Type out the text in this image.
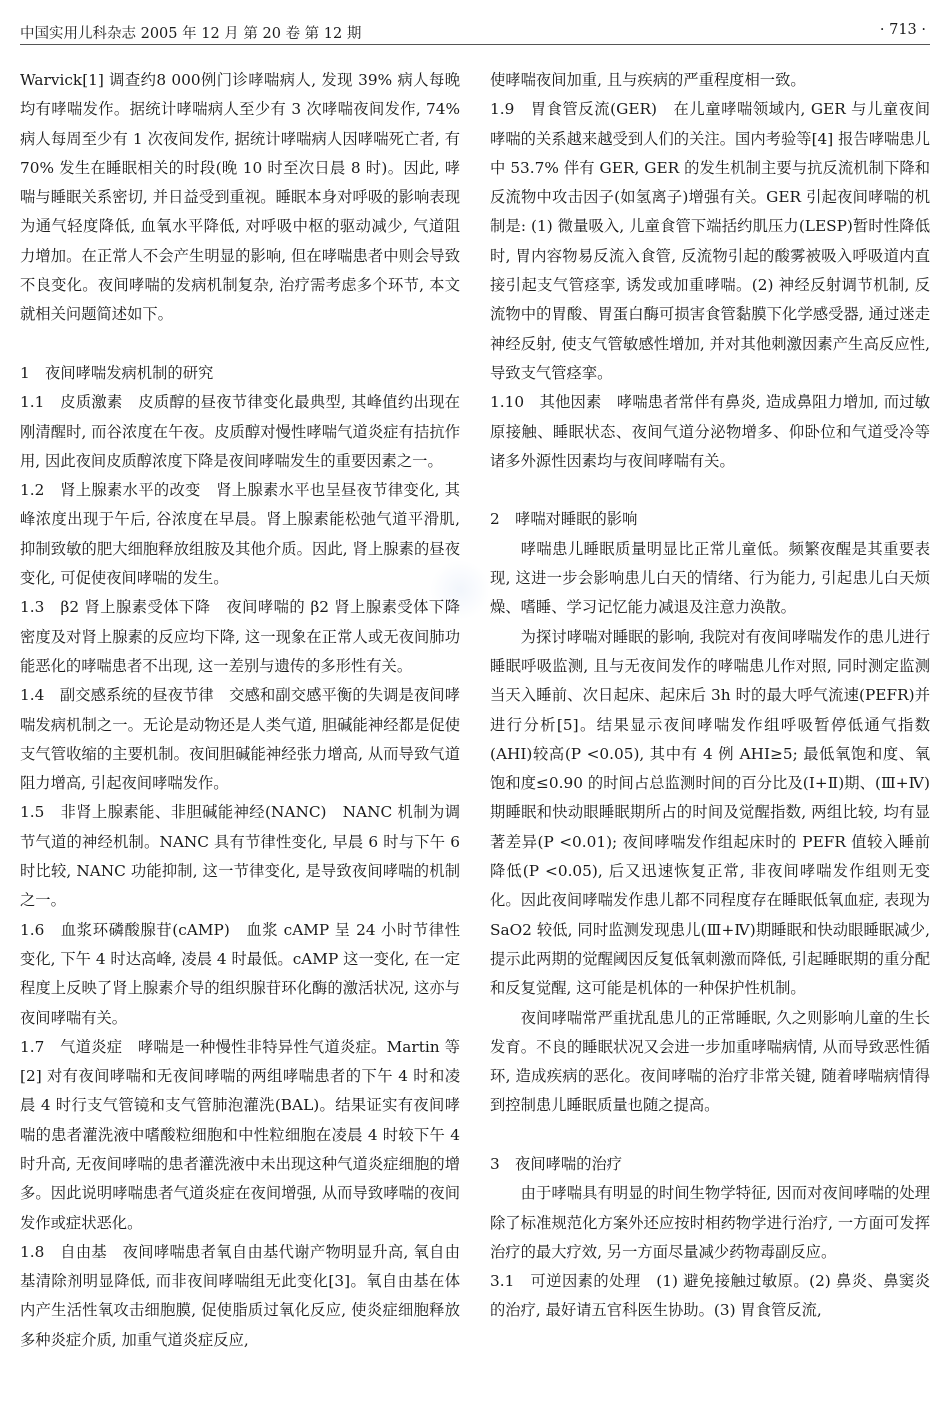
中国实用儿科杂志 2005 年 12 月 第 20 卷 第 12 期	· 713 ·

Warvick[1] 调查约8 000例门诊哮喘病人, 发现 39% 病人每晚均有哮喘发作。据统计哮喘病人至少有 3 次哮喘夜间发作, 74% 病人每周至少有 1 次夜间发作, 据统计哮喘病人因哮喘死亡者, 有 70% 发生在睡眠相关的时段(晚 10 时至次日晨 8 时)。因此, 哮喘与睡眠关系密切, 并日益受到重视。睡眠本身对呼吸的影响表现为通气轻度降低, 血氧水平降低, 对呼吸中枢的驱动减少, 气道阻力增加。在正常人不会产生明显的影响, 但在哮喘患者中则会导致不良变化。夜间哮喘的发病机制复杂, 治疗需考虑多个环节, 本文就相关问题简述如下。

1　夜间哮喘发病机制的研究

1.1　皮质激素　皮质醇的昼夜节律变化最典型, 其峰值约出现在刚清醒时, 而谷浓度在午夜。皮质醇对慢性哮喘气道炎症有拮抗作用, 因此夜间皮质醇浓度下降是夜间哮喘发生的重要因素之一。

1.2　肾上腺素水平的改变　肾上腺素水平也呈昼夜节律变化, 其峰浓度出现于午后, 谷浓度在早晨。肾上腺素能松弛气道平滑肌, 抑制致敏的肥大细胞释放组胺及其他介质。因此, 肾上腺素的昼夜变化, 可促使夜间哮喘的发生。

1.3　β2 肾上腺素受体下降　夜间哮喘的 β2 肾上腺素受体下降密度及对肾上腺素的反应均下降, 这一现象在正常人或无夜间肺功能恶化的哮喘患者不出现, 这一差别与遗传的多形性有关。

1.4　副交感系统的昼夜节律　交感和副交感平衡的失调是夜间哮喘发病机制之一。无论是动物还是人类气道, 胆碱能神经都是促使支气管收缩的主要机制。夜间胆碱能神经张力增高, 从而导致气道阻力增高, 引起夜间哮喘发作。

1.5　非肾上腺素能、非胆碱能神经(NANC)　NANC 机制为调节气道的神经机制。NANC 具有节律性变化, 早晨 6 时与下午 6 时比较, NANC 功能抑制, 这一节律变化, 是导致夜间哮喘的机制之一。

1.6　血浆环磷酸腺苷(cAMP)　血浆 cAMP 呈 24 小时节律性变化, 下午 4 时达高峰, 凌晨 4 时最低。cAMP 这一变化, 在一定程度上反映了肾上腺素介导的组织腺苷环化酶的激活状况, 这亦与夜间哮喘有关。

1.7　气道炎症　哮喘是一种慢性非特异性气道炎症。Martin 等[2] 对有夜间哮喘和无夜间哮喘的两组哮喘患者的下午 4 时和凌晨 4 时行支气管镜和支气管肺泡灌洗(BAL)。结果证实有夜间哮喘的患者灌洗液中嗜酸粒细胞和中性粒细胞在凌晨 4 时较下午 4 时升高, 无夜间哮喘的患者灌洗液中未出现这种气道炎症细胞的增多。因此说明哮喘患者气道炎症在夜间增强, 从而导致哮喘的夜间发作或症状恶化。

1.8　自由基　夜间哮喘患者氧自由基代谢产物明显升高, 氧自由基清除剂明显降低, 而非夜间哮喘组无此变化[3]。氧自由基在体内产生活性氧攻击细胞膜, 促使脂质过氧化反应, 使炎症细胞释放多种炎症介质, 加重气道炎症反应,

使哮喘夜间加重, 且与疾病的严重程度相一致。

1.9　胃食管反流(GER)　在儿童哮喘领域内, GER 与儿童夜间哮喘的关系越来越受到人们的关注。国内考验等[4] 报告哮喘患儿中 53.7% 伴有 GER, GER 的发生机制主要与抗反流机制下降和反流物中攻击因子(如氢离子)增强有关。GER 引起夜间哮喘的机制是: (1) 微量吸入, 儿童食管下端括约肌压力(LESP)暂时性降低时, 胃内容物易反流入食管, 反流物引起的酸雾被吸入呼吸道内直接引起支气管痉挛, 诱发或加重哮喘。(2) 神经反射调节机制, 反流物中的胃酸、胃蛋白酶可损害食管黏膜下化学感受器, 通过迷走神经反射, 使支气管敏感性增加, 并对其他刺激因素产生高反应性, 导致支气管痉挛。

1.10　其他因素　哮喘患者常伴有鼻炎, 造成鼻阻力增加, 而过敏原接触、睡眠状态、夜间气道分泌物增多、仰卧位和气道受冷等诸多外源性因素均与夜间哮喘有关。

2　哮喘对睡眠的影响

哮喘患儿睡眠质量明显比正常儿童低。频繁夜醒是其重要表现, 这进一步会影响患儿白天的情绪、行为能力, 引起患儿白天烦燥、嗜睡、学习记忆能力减退及注意力涣散。

为探讨哮喘对睡眠的影响, 我院对有夜间哮喘发作的患儿进行睡眠呼吸监测, 且与无夜间发作的哮喘患儿作对照, 同时测定监测当天入睡前、次日起床、起床后 3h 时的最大呼气流速(PEFR)并进行分析[5]。结果显示夜间哮喘发作组呼吸暂停低通气指数(AHI)较高(P <0.05), 其中有 4 例 AHI≥5; 最低氧饱和度、氧饱和度≤0.90 的时间占总监测时间的百分比及(Ⅰ+Ⅱ)期、(Ⅲ+Ⅳ)期睡眠和快动眼睡眠期所占的时间及觉醒指数, 两组比较, 均有显著差异(P <0.01); 夜间哮喘发作组起床时的 PEFR 值较入睡前降低(P <0.05), 后又迅速恢复正常, 非夜间哮喘发作组则无变化。因此夜间哮喘发作患儿都不同程度存在睡眠低氧血症, 表现为 SaO2 较低, 同时监测发现患儿(Ⅲ+Ⅳ)期睡眠和快动眼睡眠减少, 提示此两期的觉醒阈因反复低氧刺激而降低, 引起睡眠期的重分配和反复觉醒, 这可能是机体的一种保护性机制。

夜间哮喘常严重扰乱患儿的正常睡眠, 久之则影响儿童的生长发育。不良的睡眠状况又会进一步加重哮喘病情, 从而导致恶性循环, 造成疾病的恶化。夜间哮喘的治疗非常关键, 随着哮喘病情得到控制患儿睡眠质量也随之提高。

3　夜间哮喘的治疗

由于哮喘具有明显的时间生物学特征, 因而对夜间哮喘的处理除了标准规范化方案外还应按时相药物学进行治疗, 一方面可发挥治疗的最大疗效, 另一方面尽量减少药物毒副反应。

3.1　可逆因素的处理　(1) 避免接触过敏原。(2) 鼻炎、鼻窦炎的治疗, 最好请五官科医生协助。(3) 胃食管反流,
